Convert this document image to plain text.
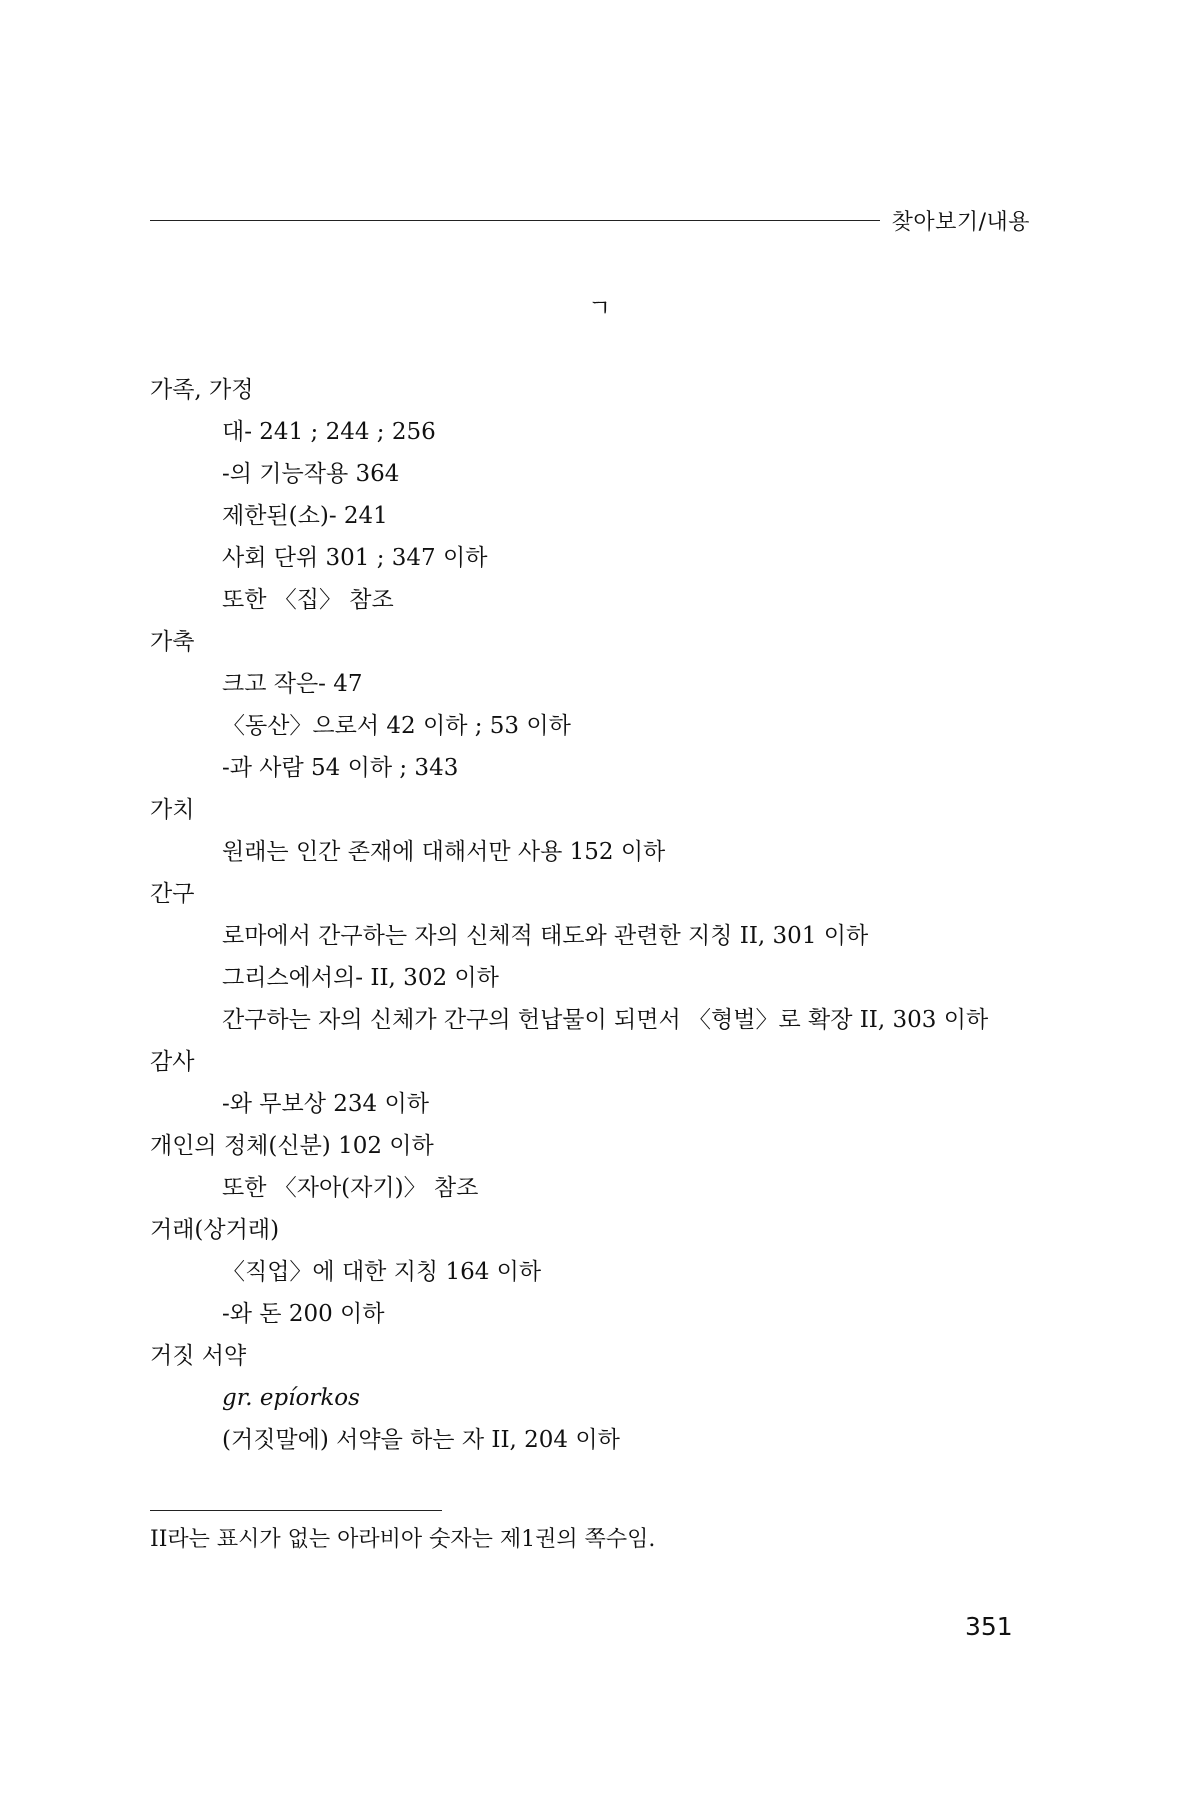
찾아보기/내용
ㄱ
가족, 가정
대- 241 ; 244 ; 256
-의 기능작용 364
제한된(소)- 241
사회 단위 301 ; 347 이하
또한 〈집〉 참조
가축
크고 작은- 47
〈동산〉으로서 42 이하 ; 53 이하
-과 사람 54 이하 ; 343
가치
원래는 인간 존재에 대해서만 사용 152 이하
간구
로마에서 간구하는 자의 신체적 태도와 관련한 지칭 II, 301 이하
그리스에서의- II, 302 이하
간구하는 자의 신체가 간구의 헌납물이 되면서 〈형벌〉로 확장 II, 303 이하
감사
-와 무보상 234 이하
개인의 정체(신분) 102 이하
또한 〈자아(자기)〉 참조
거래(상거래)
〈직업〉에 대한 지칭 164 이하
-와 돈 200 이하
거짓 서약
gr. epíorkos
(거짓말에) 서약을 하는 자 II, 204 이하
II라는 표시가 없는 아라비아 숫자는 제1권의 쪽수임.
351
